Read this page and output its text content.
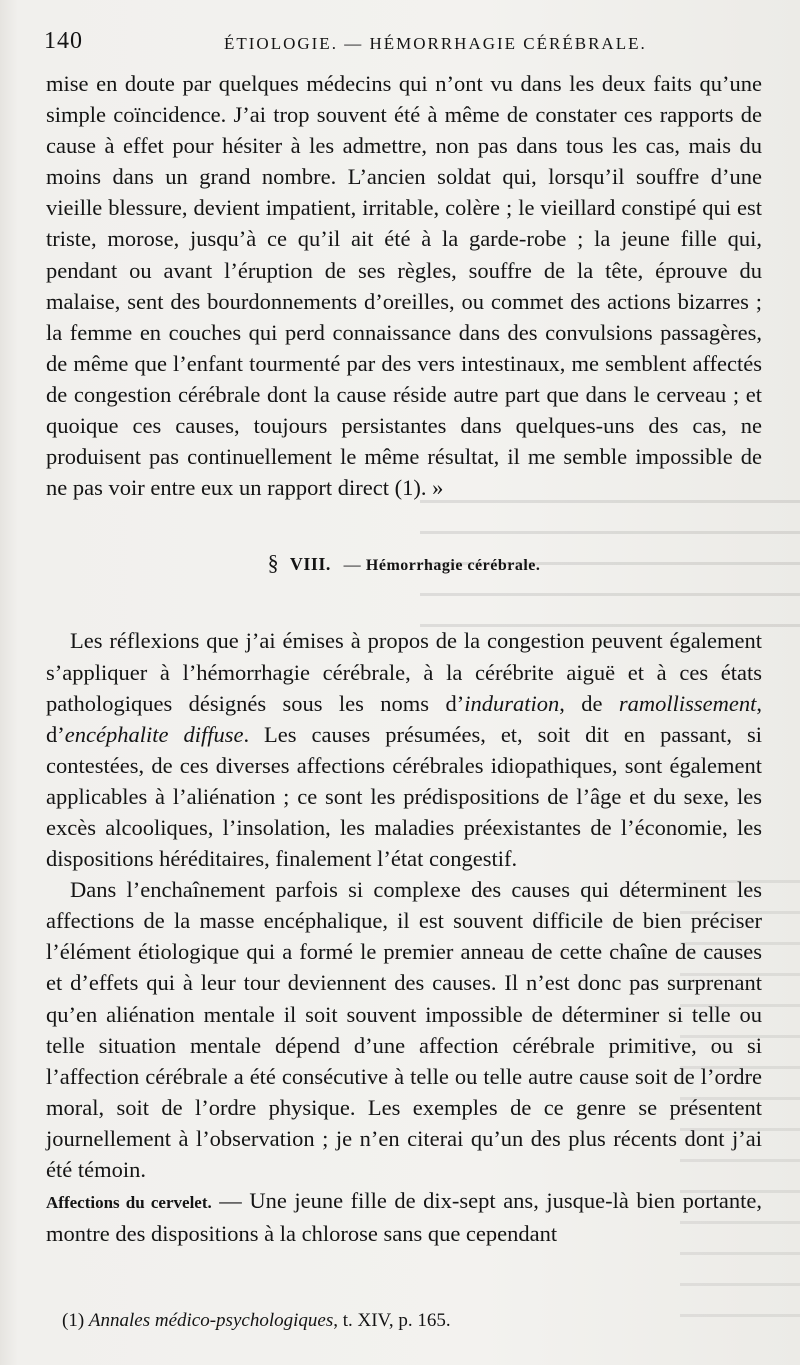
140	ÉTIOLOGIE. — HÉMORRHAGIE CÉRÉBRALE.

mise en doute par quelques médecins qui n’ont vu dans les deux faits qu’une simple coïncidence. J’ai trop souvent été à même de constater ces rapports de cause à effet pour hésiter à les admettre, non pas dans tous les cas, mais du moins dans un grand nombre. L’ancien soldat qui, lorsqu’il souffre d’une vieille blessure, devient impatient, irritable, colère ; le vieillard constipé qui est triste, morose, jusqu’à ce qu’il ait été à la garde-robe ; la jeune fille qui, pendant ou avant l’éruption de ses règles, souffre de la tête, éprouve du malaise, sent des bourdonnements d’oreilles, ou commet des actions bizarres ; la femme en couches qui perd connaissance dans des convulsions passagères, de même que l’enfant tourmenté par des vers intestinaux, me semblent affectés de congestion cérébrale dont la cause réside autre part que dans le cerveau ; et quoique ces causes, toujours persistantes dans quelques-uns des cas, ne produisent pas continuellement le même résultat, il me semble impossible de ne pas voir entre eux un rapport direct (1). »

§ VIII. — Hémorrhagie cérébrale.

Les réflexions que j’ai émises à propos de la congestion peuvent également s’appliquer à l’hémorrhagie cérébrale, à la cérébrite aiguë et à ces états pathologiques désignés sous les noms d’induration, de ramollissement, d’encéphalite diffuse. Les causes présumées, et, soit dit en passant, si contestées, de ces diverses affections cérébrales idiopathiques, sont également applicables à l’aliénation ; ce sont les prédispositions de l’âge et du sexe, les excès alcooliques, l’insolation, les maladies préexistantes de l’économie, les dispositions héréditaires, finalement l’état congestif.

Dans l’enchaînement parfois si complexe des causes qui déterminent les affections de la masse encéphalique, il est souvent difficile de bien préciser l’élément étiologique qui a formé le premier anneau de cette chaîne de causes et d’effets qui à leur tour deviennent des causes. Il n’est donc pas surprenant qu’en aliénation mentale il soit souvent impossible de déterminer si telle ou telle situation mentale dépend d’une affection cérébrale primitive, ou si l’affection cérébrale a été consécutive à telle ou telle autre cause soit de l’ordre moral, soit de l’ordre physique. Les exemples de ce genre se présentent journellement à l’observation ; je n’en citerai qu’un des plus récents dont j’ai été témoin.

Affections du cervelet. — Une jeune fille de dix-sept ans, jusque-là bien portante, montre des dispositions à la chlorose sans que cependant

(1) Annales médico-psychologiques, t. XIV, p. 165.
